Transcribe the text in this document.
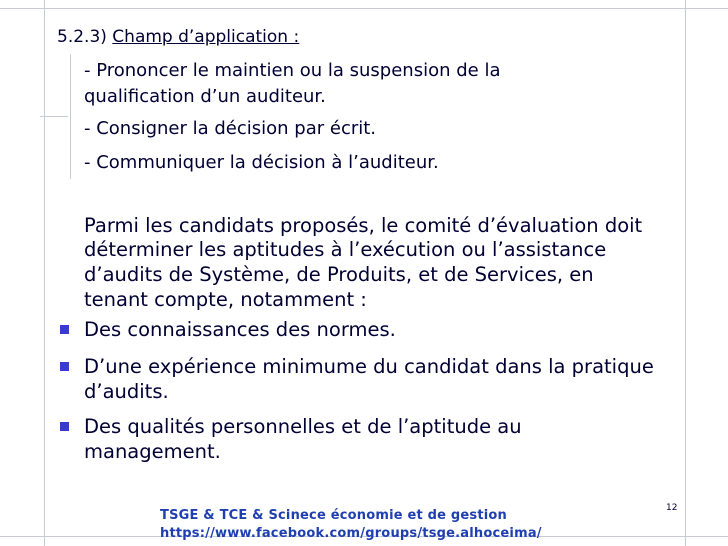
5.2.3) Champ d’application :
- Prononcer le maintien ou la suspension de la
qualification d’un auditeur.
- Consigner la décision par écrit.
- Communiquer la décision à l’auditeur.
Parmi les candidats proposés, le comité d’évaluation doit
déterminer les aptitudes à l’exécution ou l’assistance
d’audits de Système, de Produits, et de Services, en
tenant compte, notamment :
Des connaissances des normes.
D’une expérience minimume du candidat dans la pratique
d’audits.
Des qualités personnelles et de l’aptitude au
management.
12
TSGE & TCE & Scinece économie et de gestion
https://www.facebook.com/groups/tsge.alhoceima/
